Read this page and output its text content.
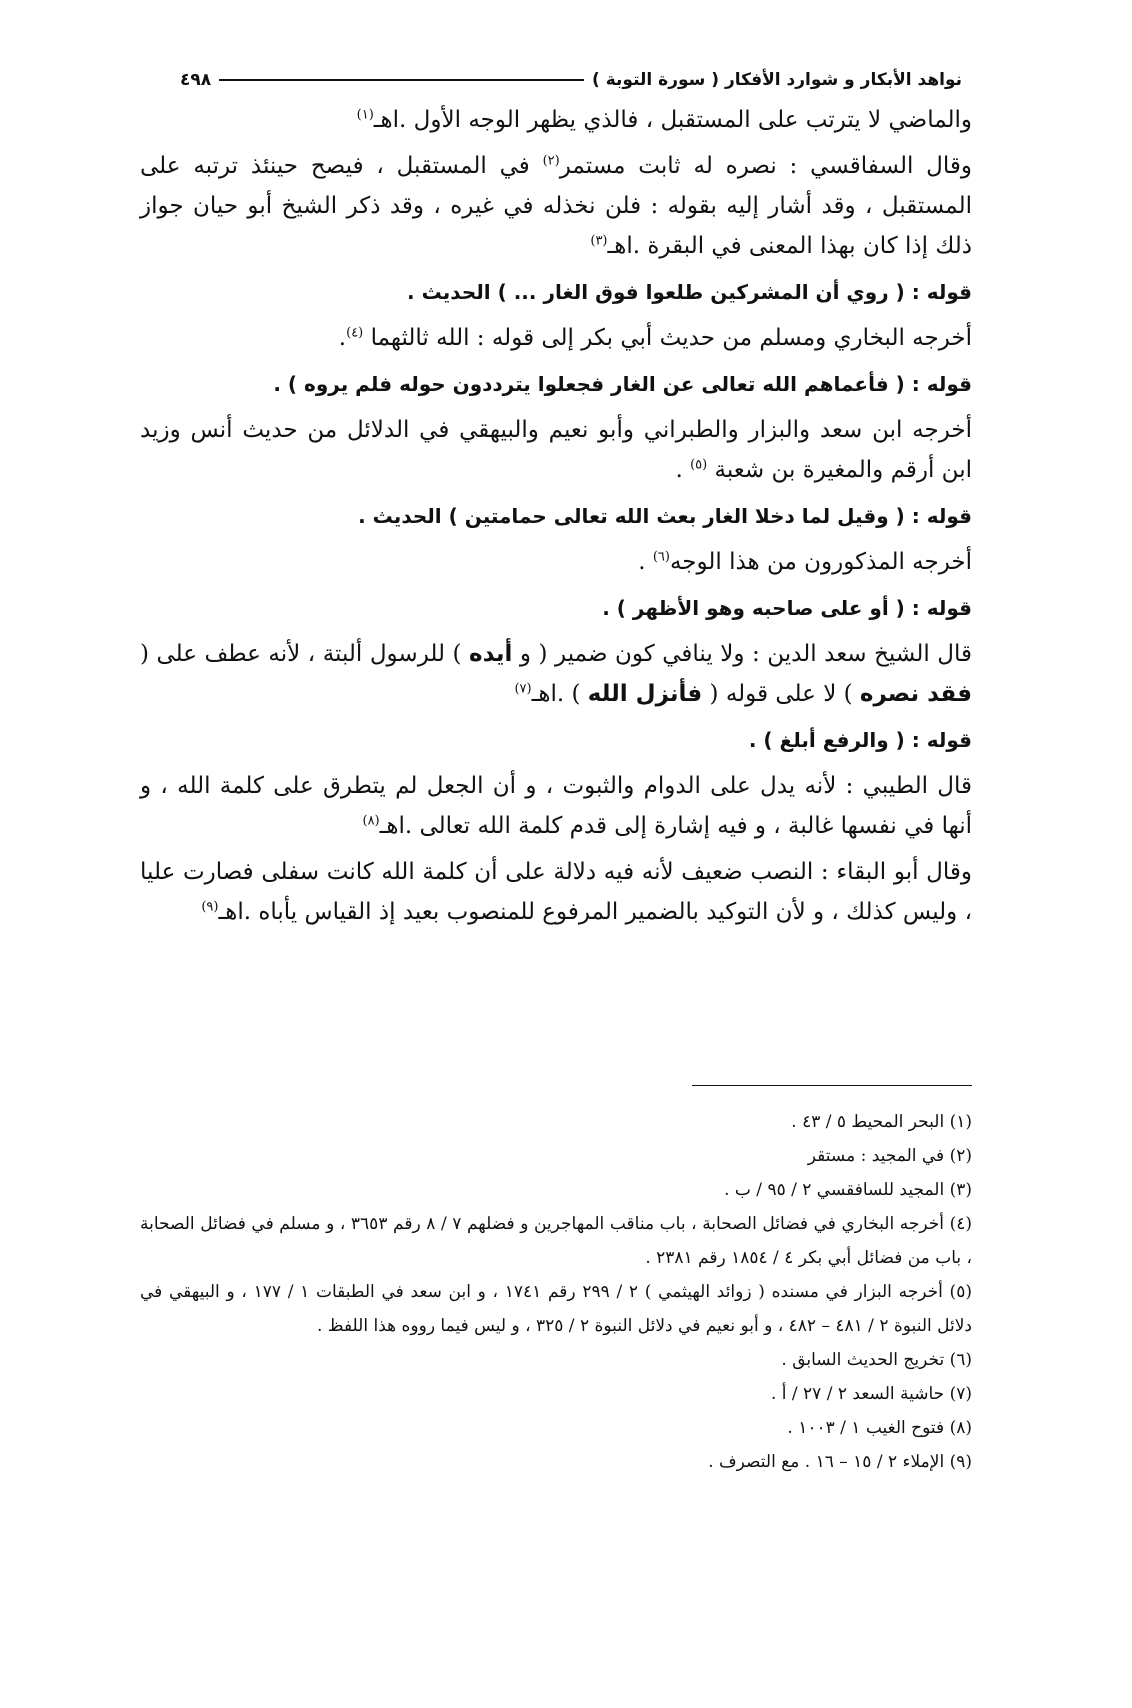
نواهد الأبكار و شوارد الأفكار ( سورة التوبة )
٤٩٨

والماضي لا يترتب على المستقبل ، فالذي يظهر الوجه الأول .اهـ$^{(١)}$

وقال السفاقسي : نصره له ثابت مستمر$^{(٢)}$ في المستقبل ، فيصح حينئذ ترتبه على المستقبل ، وقد أشار إليه بقوله : فلن نخذله في غيره ، وقد ذكر الشيخ أبو حيان جواز ذلك إذا كان بهذا المعنى في البقرة .اهـ$^{(٣)}$

قوله : ( روي أن المشركين طلعوا فوق الغار ... ) الحديث .

أخرجه البخاري ومسلم من حديث أبي بكر إلى قوله : الله ثالثهما $^{(٤)}$.

قوله : ( فأعماهم الله تعالى عن الغار فجعلوا يترددون حوله فلم يروه ) .

أخرجه ابن سعد والبزار والطبراني وأبو نعيم والبيهقي في الدلائل من حديث أنس وزيد ابن أرقم والمغيرة بن شعبة $^{(٥)}$ .

قوله : ( وقيل لما دخلا الغار بعث الله تعالى حمامتين ) الحديث .

أخرجه المذكورون من هذا الوجه$^{(٦)}$ .

قوله : ( أو على صاحبه وهو الأظهر ) .

قال الشيخ سعد الدين : ولا ينافي كون ضمير ( و أيده ) للرسول ألبتة ، لأنه عطف على ( فقد نصره ) لا على قوله ( فأنزل الله ) .اهـ$^{(٧)}$

قوله : ( والرفع أبلغ ) .

قال الطيبي : لأنه يدل على الدوام والثبوت ، و أن الجعل لم يتطرق على كلمة الله ، و أنها في نفسها غالبة ، و فيه إشارة إلى قدم كلمة الله تعالى .اهـ$^{(٨)}$

وقال أبو البقاء : النصب ضعيف لأنه فيه دلالة على أن كلمة الله كانت سفلى فصارت عليا ، وليس كذلك ، و لأن التوكيد بالضمير المرفوع للمنصوب بعيد إذ القياس يأباه .اهـ$^{(٩)}$

(١) البحر المحيط ٥ / ٤٣ .
(٢) في المجيد : مستقر
(٣) المجيد للسافقسي ٢ / ٩٥ / ب .
(٤) أخرجه البخاري في فضائل الصحابة ، باب مناقب المهاجرين و فضلهم ٧ / ٨ رقم ٣٦٥٣ ، و مسلم في فضائل الصحابة ، باب من فضائل أبي بكر ٤ / ١٨٥٤ رقم ٢٣٨١ .
(٥) أخرجه البزار في مسنده ( زوائد الهيثمي ) ٢ / ٢٩٩ رقم ١٧٤١ ، و ابن سعد في الطبقات ١ / ١٧٧ ، و البيهقي في دلائل النبوة ٢ / ٤٨١ – ٤٨٢ ، و أبو نعيم في دلائل النبوة ٢ / ٣٢٥ ، و ليس فيما رووه هذا اللفظ .
(٦) تخريج الحديث السابق .
(٧) حاشية السعد ٢ / ٢٧ / أ .
(٨) فتوح الغيب ١ / ١٠٠٣ .
(٩) الإملاء ٢ / ١٥ – ١٦ . مع التصرف .
